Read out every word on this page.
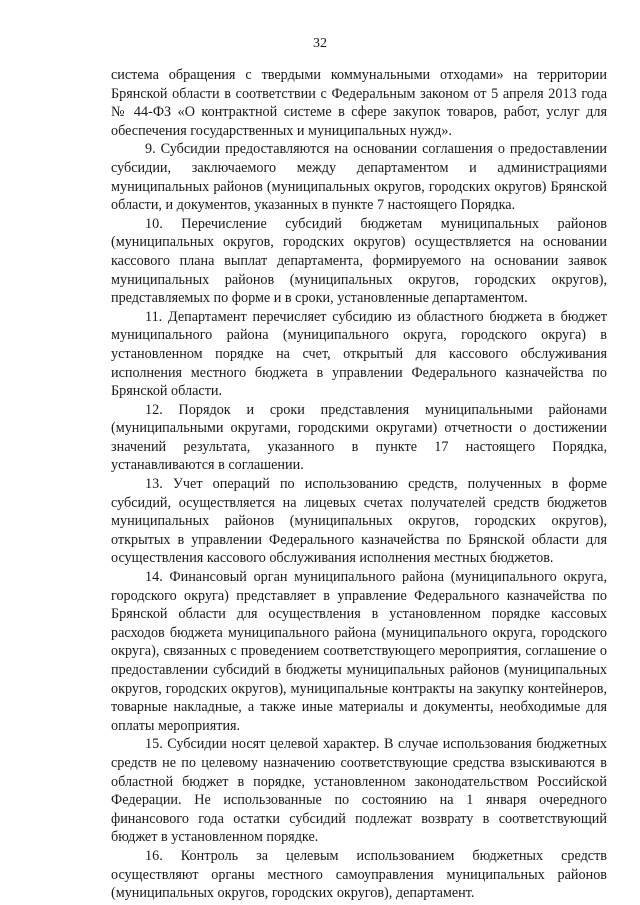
32

система обращения с твердыми коммунальными отходами» на территории Брянской области в соответствии с Федеральным законом от 5 апреля 2013 года № 44-ФЗ «О контрактной системе в сфере закупок товаров, работ, услуг для обеспечения государственных и муниципальных нужд».

9. Субсидии предоставляются на основании соглашения о предоставлении субсидии, заключаемого между департаментом и администрациями муниципальных районов (муниципальных округов, городских округов) Брянской области, и документов, указанных в пункте 7 настоящего Порядка.

10. Перечисление субсидий бюджетам муниципальных районов (муниципальных округов, городских округов) осуществляется на основании кассового плана выплат департамента, формируемого на основании заявок муниципальных районов (муниципальных округов, городских округов), представляемых по форме и в сроки, установленные департаментом.

11. Департамент перечисляет субсидию из областного бюджета в бюджет муниципального района (муниципального округа, городского округа) в установленном порядке на счет, открытый для кассового обслуживания исполнения местного бюджета в управлении Федерального казначейства по Брянской области.

12. Порядок и сроки представления муниципальными районами (муниципальными округами, городскими округами) отчетности о достижении значений результата, указанного в пункте 17 настоящего Порядка, устанавливаются в соглашении.

13. Учет операций по использованию средств, полученных в форме субсидий, осуществляется на лицевых счетах получателей средств бюджетов муниципальных районов (муниципальных округов, городских округов), открытых в управлении Федерального казначейства по Брянской области для осуществления кассового обслуживания исполнения местных бюджетов.

14. Финансовый орган муниципального района (муниципального округа, городского округа) представляет в управление Федерального казначейства по Брянской области для осуществления в установленном порядке кассовых расходов бюджета муниципального района (муниципального округа, городского округа), связанных с проведением соответствующего мероприятия, соглашение о предоставлении субсидий в бюджеты муниципальных районов (муниципальных округов, городских округов), муниципальные контракты на закупку контейнеров, товарные накладные, а также иные материалы и документы, необходимые для оплаты мероприятия.

15. Субсидии носят целевой характер. В случае использования бюджетных средств не по целевому назначению соответствующие средства взыскиваются в областной бюджет в порядке, установленном законодательством Российской Федерации. Не использованные по состоянию на 1 января очередного финансового года остатки субсидий подлежат возврату в соответствующий бюджет в установленном порядке.

16. Контроль за целевым использованием бюджетных средств осуществляют органы местного самоуправления муниципальных районов (муниципальных округов, городских округов), департамент.
